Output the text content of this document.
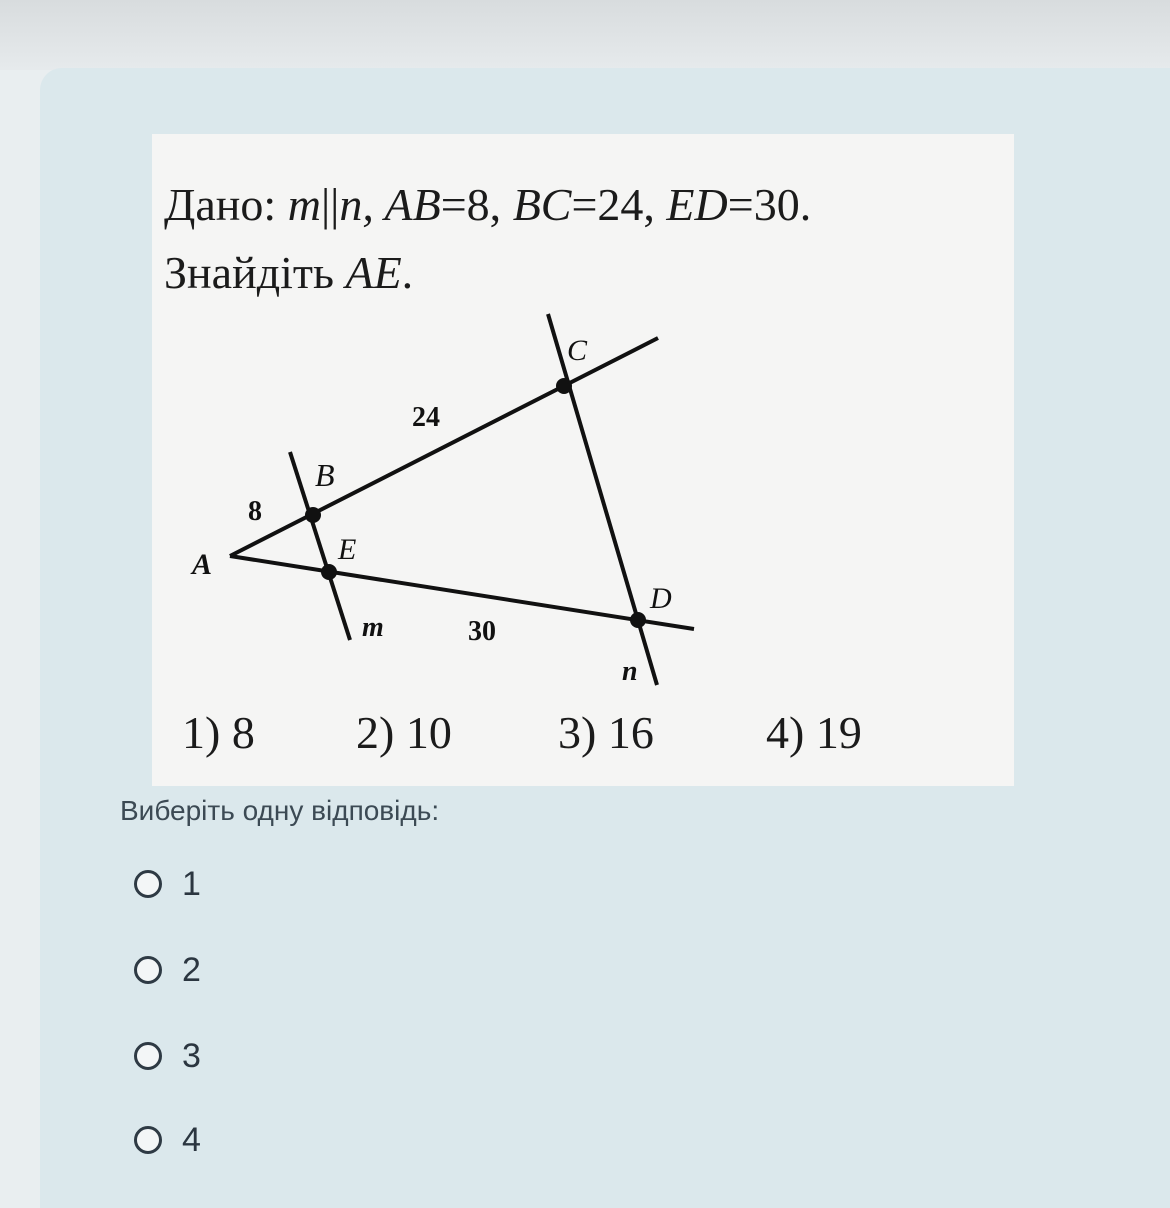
Дано: m||n, AB=8, BC=24, ED=30.

Знайдіть AE.

A
B
C
D
E
m
n
8
24
30

1) 8 2) 10 3) 16 4) 19

Виберіть одну відповідь:
1
2
3
4
